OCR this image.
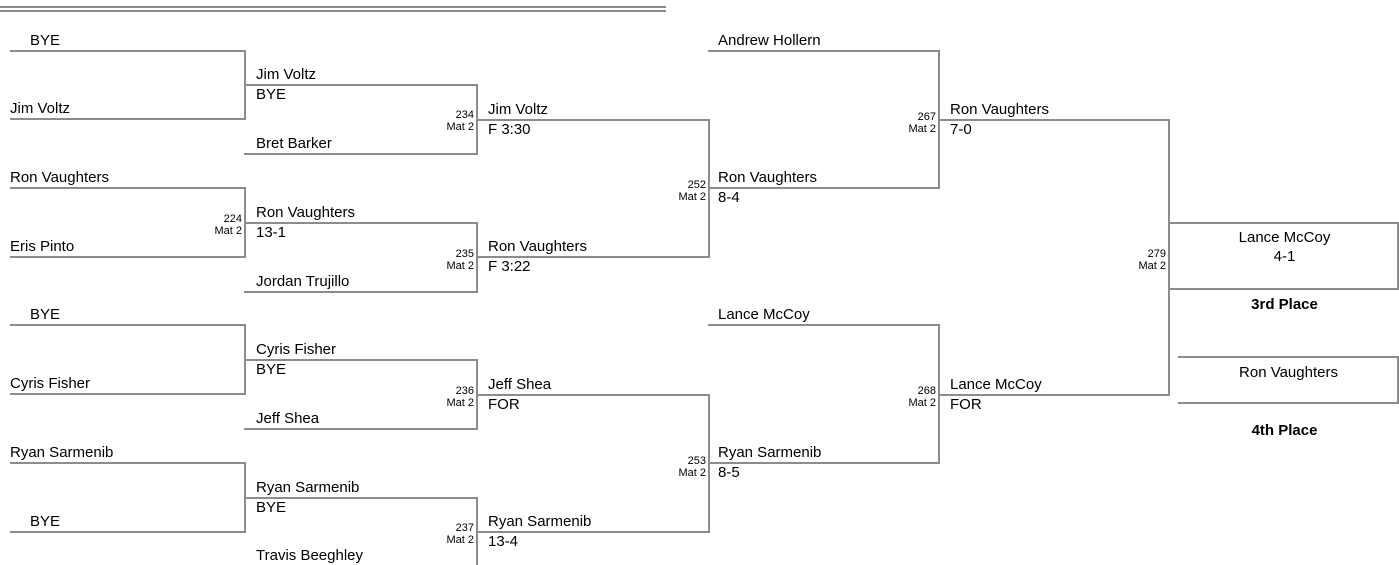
BYE
Jim Voltz
Ron Vaughters
Eris Pinto
BYE
Cyris Fisher
Ryan Sarmenib
BYE
Jim Voltz
BYE
Bret Barker
Ron Vaughters
13-1
Jordan Trujillo
Cyris Fisher
BYE
Jeff Shea
Ryan Sarmenib
BYE
Travis Beeghley
224
Mat 2
234
Mat 2
235
Mat 2
236
Mat 2
237
Mat 2
Jim Voltz
F 3:30
Ron Vaughters
F 3:22
Jeff Shea
FOR
Ryan Sarmenib
13-4
252
Mat 2
253
Mat 2
Andrew Hollern
Ron Vaughters
8-4
Lance McCoy
Ryan Sarmenib
8-5
267
Mat 2
268
Mat 2
Ron Vaughters
7-0
Lance McCoy
FOR
279
Mat 2
Lance McCoy
4-1
3rd Place
Ron Vaughters
4th Place
